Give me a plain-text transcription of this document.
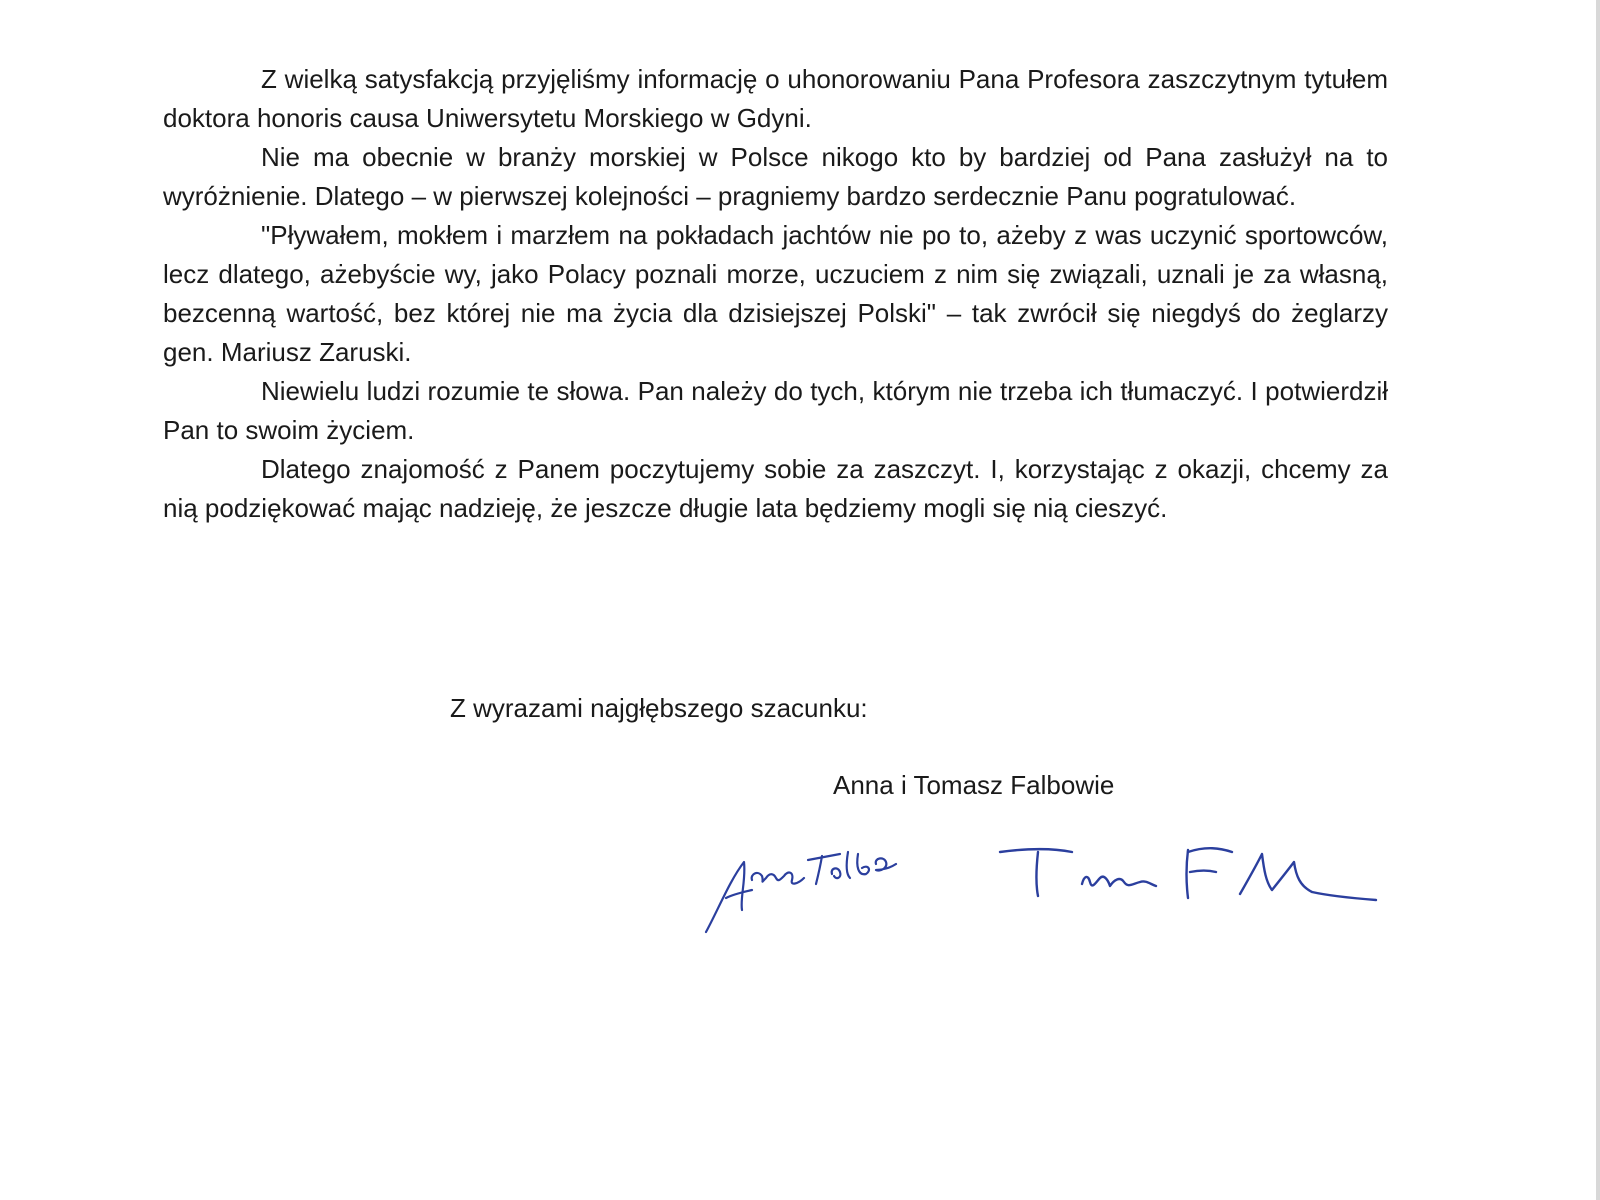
Z wielką satysfakcją przyjęliśmy informację o uhonorowaniu Pana Profesora zaszczytnym tytułem doktora honoris causa Uniwersytetu Morskiego w Gdyni.

Nie ma obecnie w branży morskiej w Polsce nikogo kto by bardziej od Pana zasłużył na to wyróżnienie. Dlatego – w pierwszej kolejności – pragniemy bardzo serdecznie Panu pogratulować.

"Pływałem, mokłem i marzłem na pokładach jachtów nie po to, ażeby z was uczynić sportowców, lecz dlatego, ażebyście wy, jako Polacy poznali morze, uczuciem z nim się związali, uznali je za własną, bezcenną wartość, bez której nie ma życia dla dzisiejszej Polski" – tak zwrócił się niegdyś do żeglarzy gen. Mariusz Zaruski.

Niewielu ludzi rozumie te słowa. Pan należy do tych, którym nie trzeba ich tłumaczyć. I potwierdził Pan to swoim życiem.

Dlatego znajomość z Panem poczytujemy sobie za zaszczyt. I, korzystając z okazji, chcemy za nią podziękować mając nadzieję, że jeszcze długie lata będziemy mogli się nią cieszyć.

Z wyrazami najgłębszego szacunku:

Anna i Tomasz Falbowie
